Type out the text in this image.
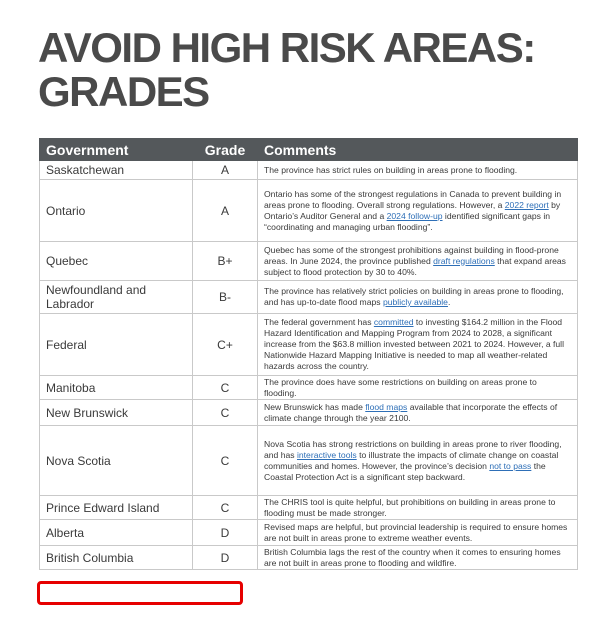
AVOID HIGH RISK AREAS:
GRADES
Government	Grade	Comments
Saskatchewan	A	The province has strict rules on building in areas prone to flooding.
Ontario	A	Ontario has some of the strongest regulations in Canada to prevent building in areas prone to flooding. Overall strong regulations. However, a 2022 report by Ontario’s Auditor General and a 2024 follow-up identified significant gaps in “coordinating and managing urban flooding”.
Quebec	B+	Quebec has some of the strongest prohibitions against building in flood-prone areas. In June 2024, the province published draft regulations that expand areas subject to flood protection by 30 to 40%.
Newfoundland and Labrador	B-	The province has relatively strict policies on building in areas prone to flooding, and has up-to-date flood maps publicly available.
Federal	C+	The federal government has committed to investing $164.2 million in the Flood Hazard Identification and Mapping Program from 2024 to 2028, a significant increase from the $63.8 million invested between 2021 to 2024. However, a full Nationwide Hazard Mapping Initiative is needed to map all weather-related hazards across the country.
Manitoba	C	The province does have some restrictions on building on areas prone to flooding.
New Brunswick	C	New Brunswick has made flood maps available that incorporate the effects of climate change through the year 2100.
Nova Scotia	C	Nova Scotia has strong restrictions on building in areas prone to river flooding, and has interactive tools to illustrate the impacts of climate change on coastal communities and homes. However, the province’s decision not to pass the Coastal Protection Act is a significant step backward.
Prince Edward Island	C	The CHRIS tool is quite helpful, but prohibitions on building in areas prone to flooding must be made stronger.
Alberta	D	Revised maps are helpful, but provincial leadership is required to ensure homes are not built in areas prone to extreme weather events.
British Columbia	D	British Columbia lags the rest of the country when it comes to ensuring homes are not built in areas prone to flooding and wildfire.
